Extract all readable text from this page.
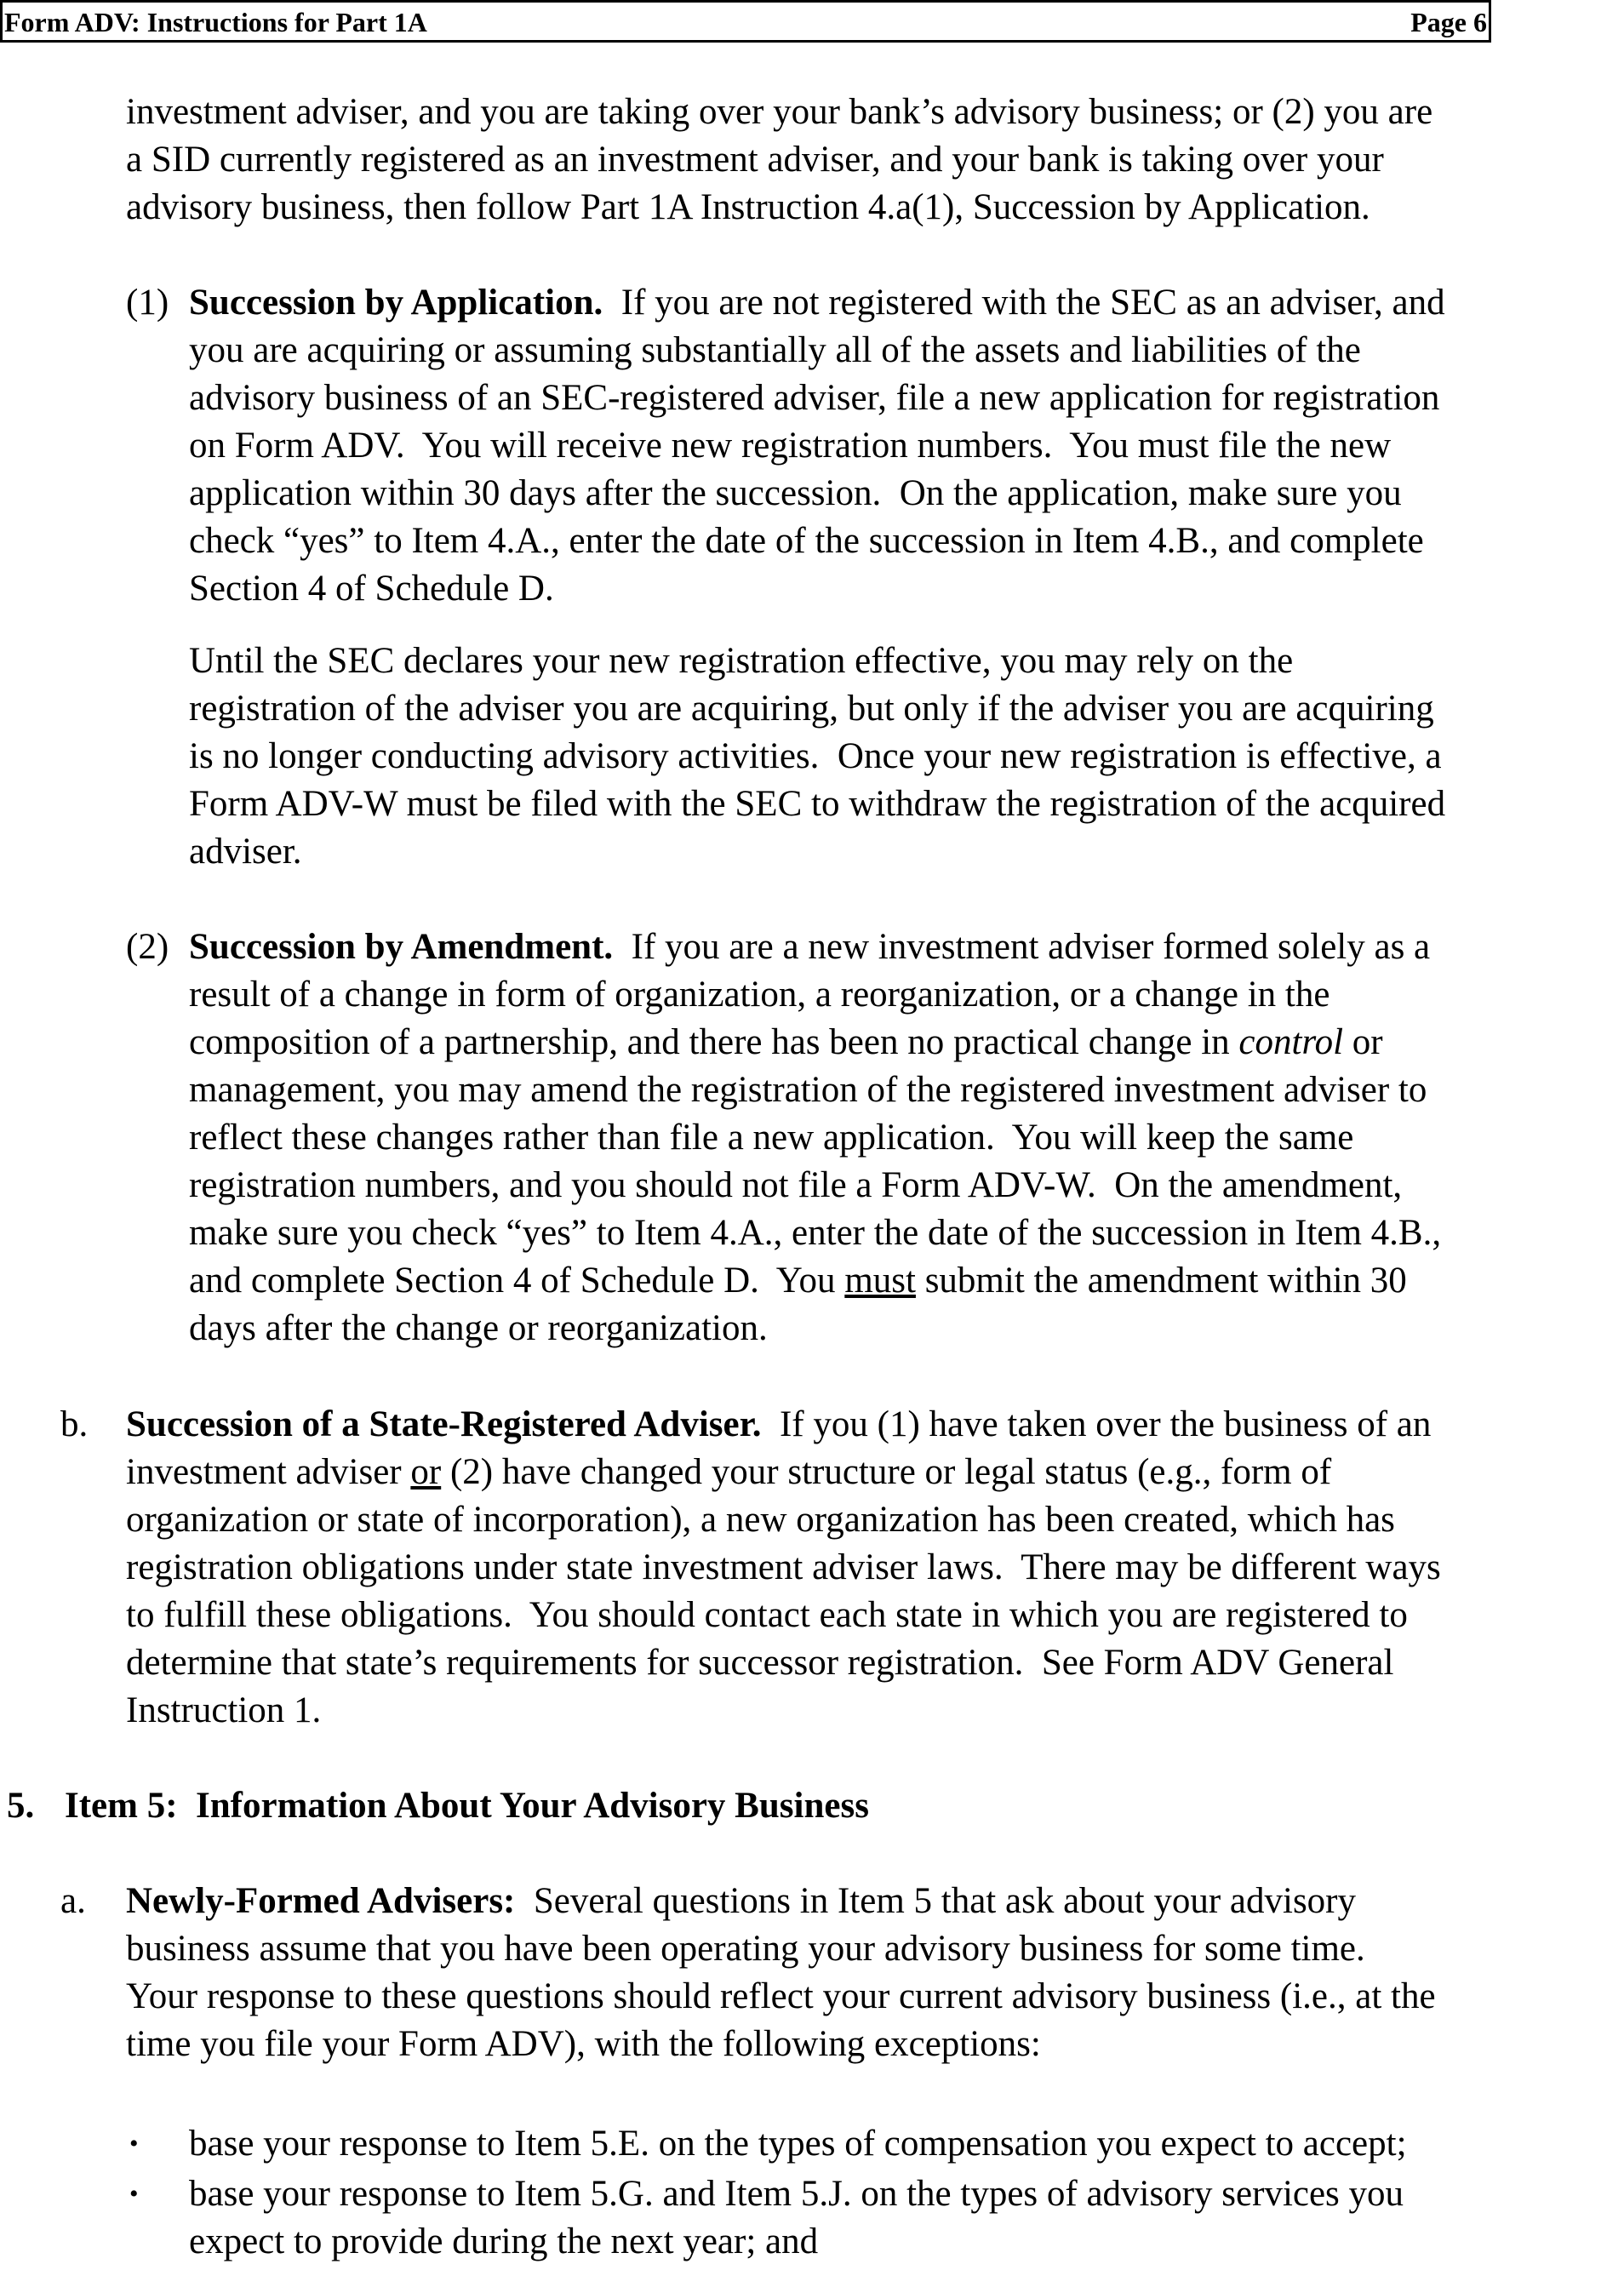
Form ADV: Instructions for Part 1A	Page 6
investment adviser, and you are taking over your bank’s advisory business; or (2) you are
a SID currently registered as an investment adviser, and your bank is taking over your
advisory business, then follow Part 1A Instruction 4.a(1), Succession by Application.
Succession by Application.  If you are not registered with the SEC as an adviser, and
you are acquiring or assuming substantially all of the assets and liabilities of the
advisory business of an SEC-registered adviser, file a new application for registration
on Form ADV.  You will receive new registration numbers.  You must file the new
application within 30 days after the succession.  On the application, make sure you
check “yes” to Item 4.A., enter the date of the succession in Item 4.B., and complete
Section 4 of Schedule D.
(1)
Until the SEC declares your new registration effective, you may rely on the
registration of the adviser you are acquiring, but only if the adviser you are acquiring
is no longer conducting advisory activities.  Once your new registration is effective, a
Form ADV-W must be filed with the SEC to withdraw the registration of the acquired
adviser.
Succession by Amendment.  If you are a new investment adviser formed solely as a
result of a change in form of organization, a reorganization, or a change in the
composition of a partnership, and there has been no practical change in control or
management, you may amend the registration of the registered investment adviser to
reflect these changes rather than file a new application.  You will keep the same
registration numbers, and you should not file a Form ADV-W.  On the amendment,
make sure you check “yes” to Item 4.A., enter the date of the succession in Item 4.B.,
and complete Section 4 of Schedule D.  You must submit the amendment within 30
days after the change or reorganization.
(2)
Succession of a State-Registered Adviser.  If you (1) have taken over the business of an
investment adviser or (2) have changed your structure or legal status (e.g., form of
organization or state of incorporation), a new organization has been created, which has
registration obligations under state investment adviser laws.  There may be different ways
to fulfill these obligations.  You should contact each state in which you are registered to
determine that state’s requirements for successor registration.  See Form ADV General
Instruction 1.
b.
Item 5:  Information About Your Advisory Business
5.
Newly-Formed Advisers:  Several questions in Item 5 that ask about your advisory
business assume that you have been operating your advisory business for some time.
Your response to these questions should reflect your current advisory business (i.e., at the
time you file your Form ADV), with the following exceptions:
a.
base your response to Item 5.E. on the types of compensation you expect to accept;
•
base your response to Item 5.G. and Item 5.J. on the types of advisory services you
expect to provide during the next year; and
•
